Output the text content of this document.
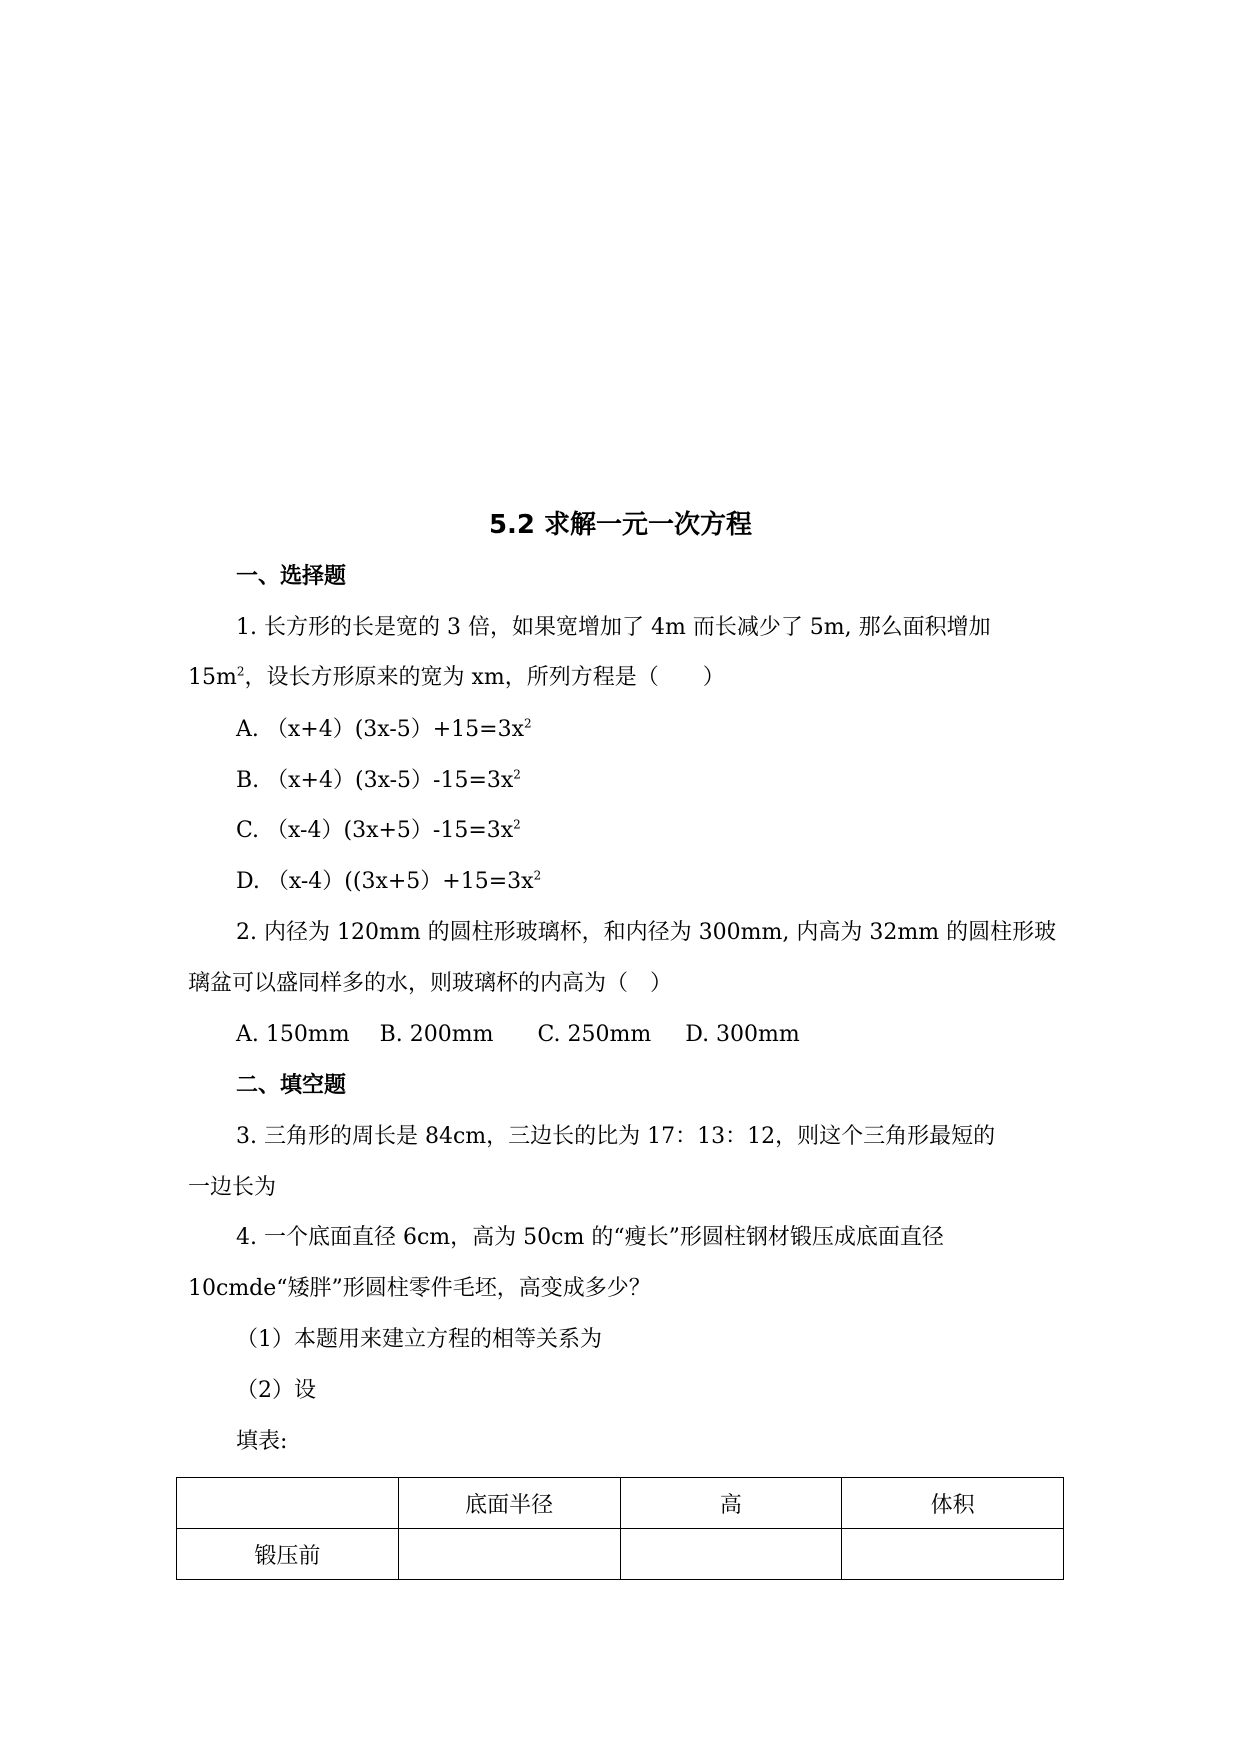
5.2 求解一元一次方程
一、选择题
1. 长方形的长是宽的 3 倍，如果宽增加了 4m 而长减少了 5m, 那么面积增加
$15m^2$，设长方形原来的宽为 xm，所列方程是（　　）
A. $(x+4)(3x-5)+15=3x^2$
B. $(x+4)(3x-5)-15=3x^2$
C. $(x-4)(3x+5)-15=3x^2$
D. $(x-4)((3x+5)+15=3x^2$
2. 内径为 120mm 的圆柱形玻璃杯，和内径为 300mm, 内高为 32mm 的圆柱形玻
璃盆可以盛同样多的水，则玻璃杯的内高为（　）
A. 150mm B. 200mm C. 250mm D. 300mm
二、填空题
3. 三角形的周长是 84cm，三边长的比为 17：13：12，则这个三角形最短的
一边长为
4. 一个底面直径 6cm，高为 50cm 的“瘦长”形圆柱钢材锻压成底面直径
10cmde“矮胖”形圆柱零件毛坯，高变成多少？
（1）本题用来建立方程的相等关系为
（2）设
填表:
	底面半径	高	体积
锻压前			
